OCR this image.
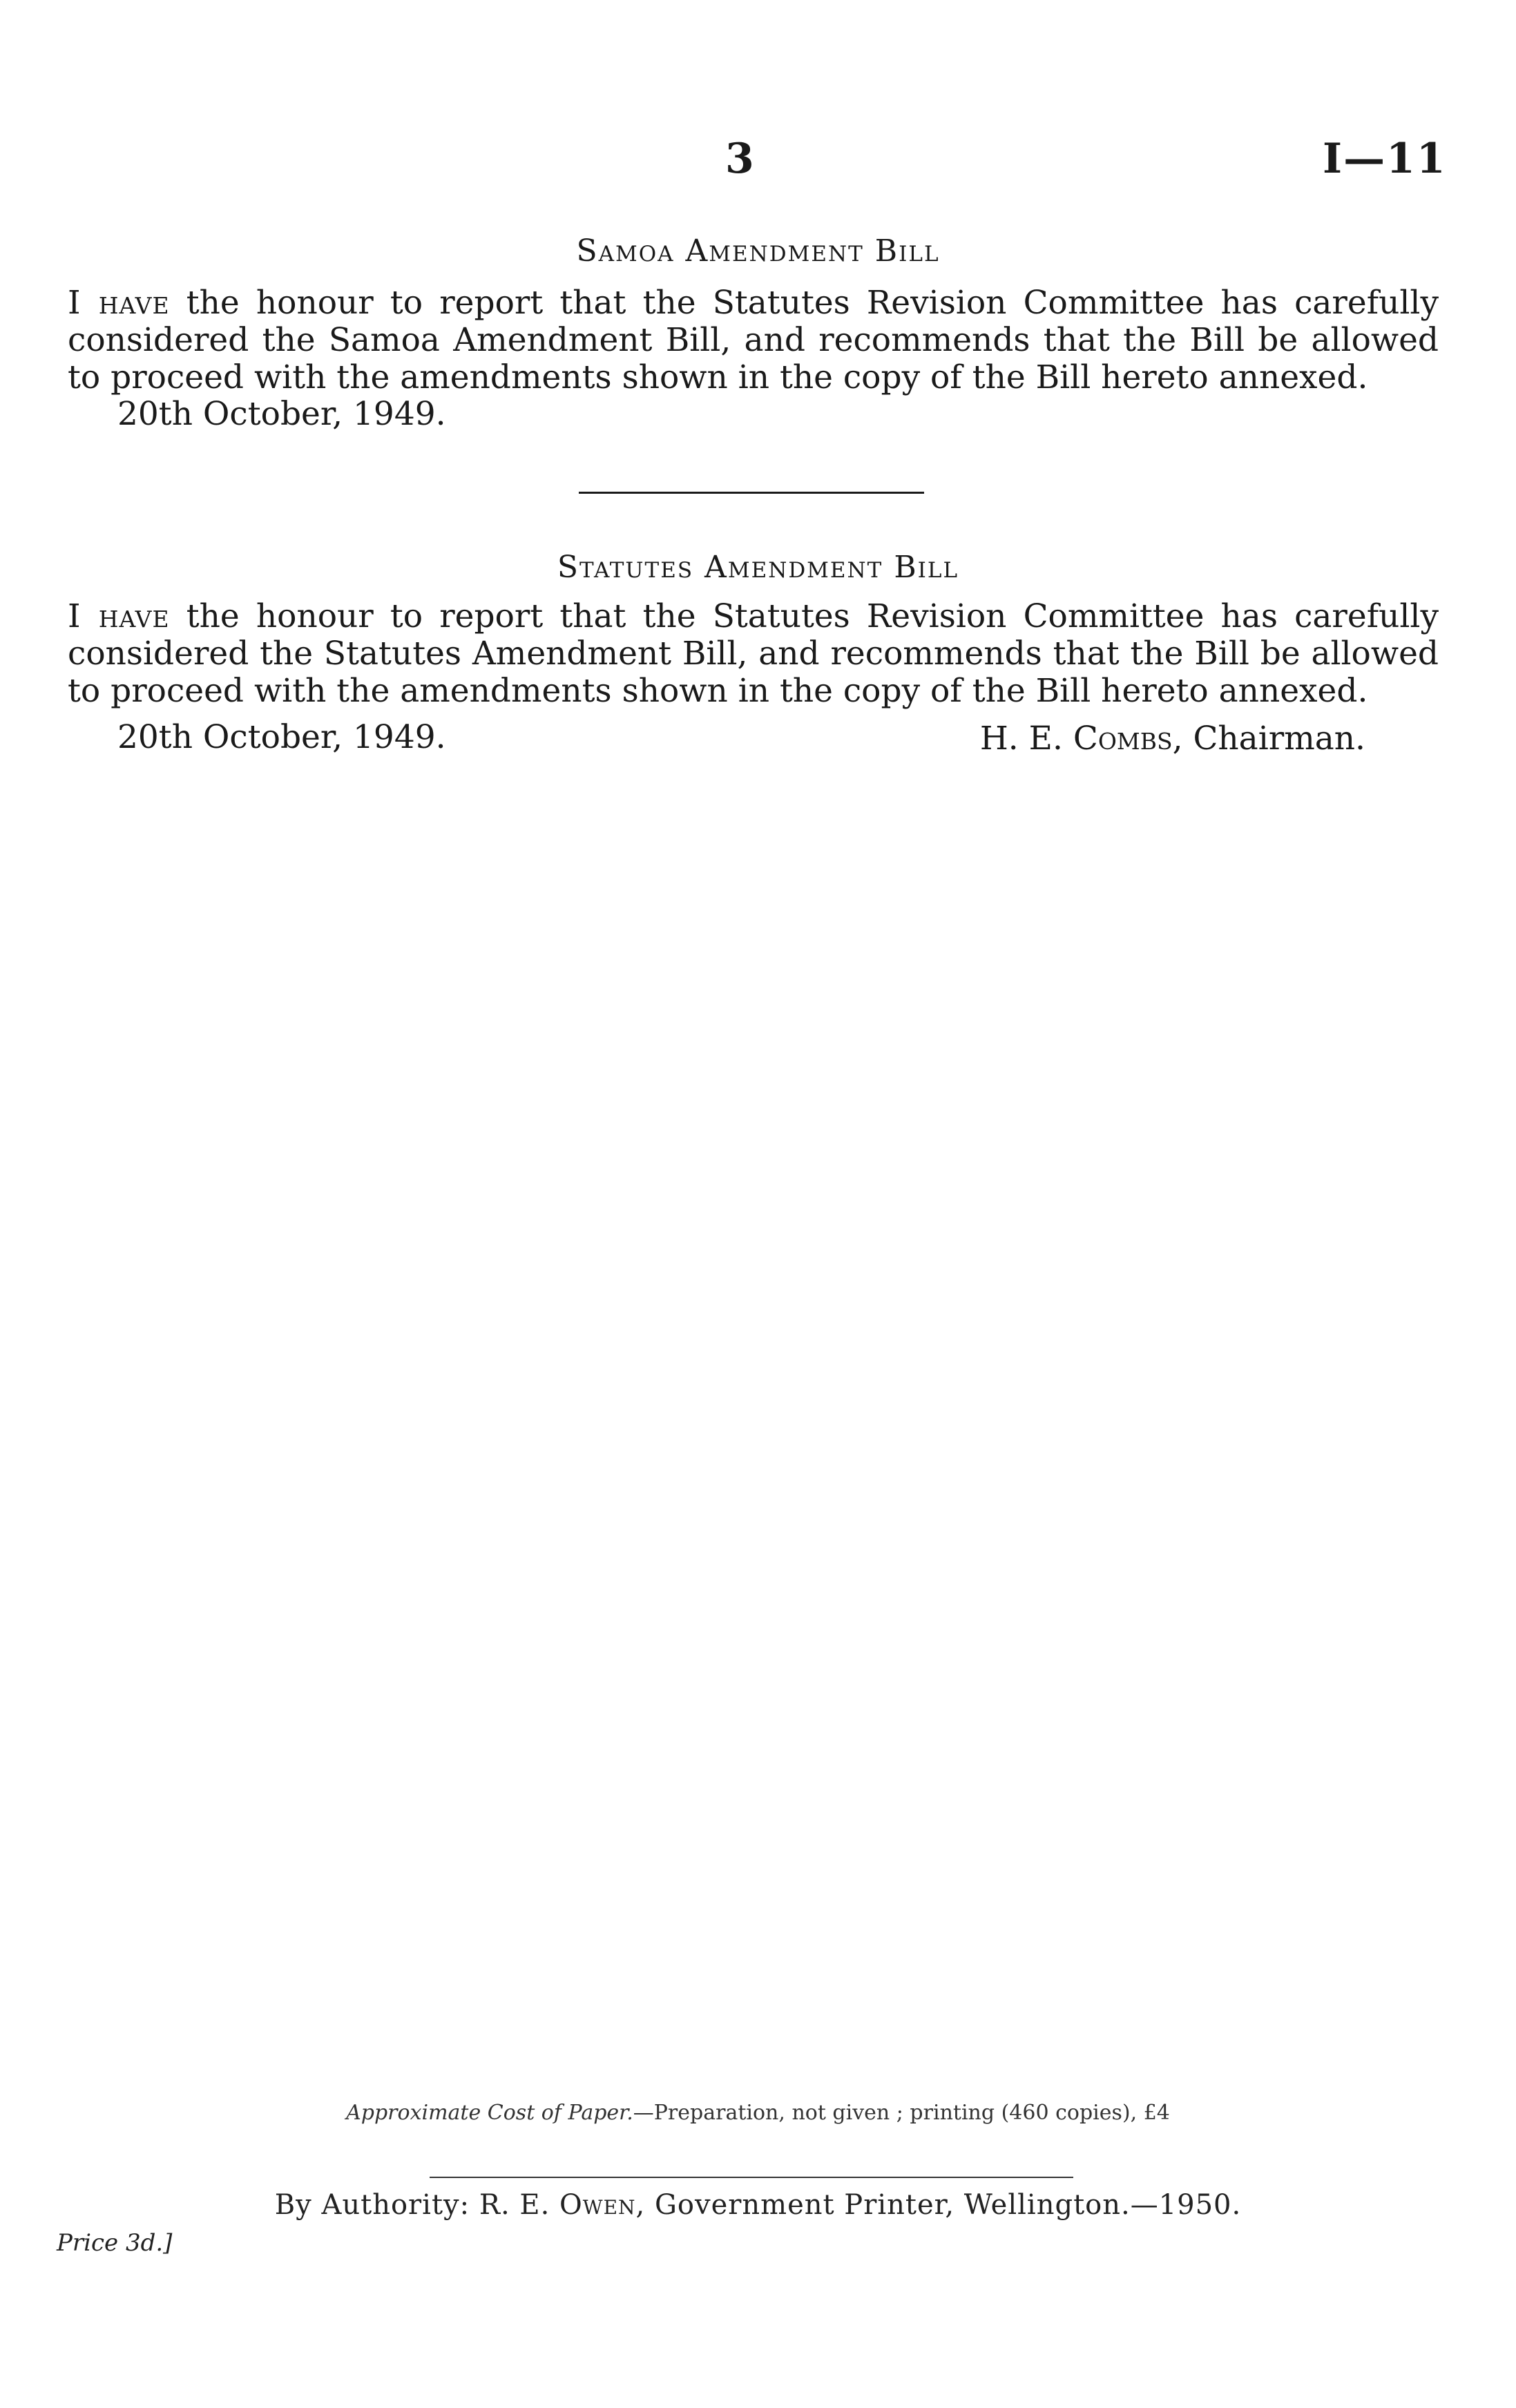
3	I—11
Samoa Amendment Bill
I have the honour to report that the Statutes Revision Committee has carefully considered the Samoa Amendment Bill, and recommends that the Bill be allowed to proceed with the amendments shown in the copy of the Bill hereto annexed.
20th October, 1949.
Statutes Amendment Bill
I have the honour to report that the Statutes Revision Committee has carefully considered the Statutes Amendment Bill, and recommends that the Bill be allowed to proceed with the amendments shown in the copy of the Bill hereto annexed.
20th October, 1949.	H. E. Combs, Chairman.
Approximate Cost of Paper.—Preparation, not given ; printing (460 copies), £4
By Authority: R. E. Owen, Government Printer, Wellington.—1950.
Price 3d.]
